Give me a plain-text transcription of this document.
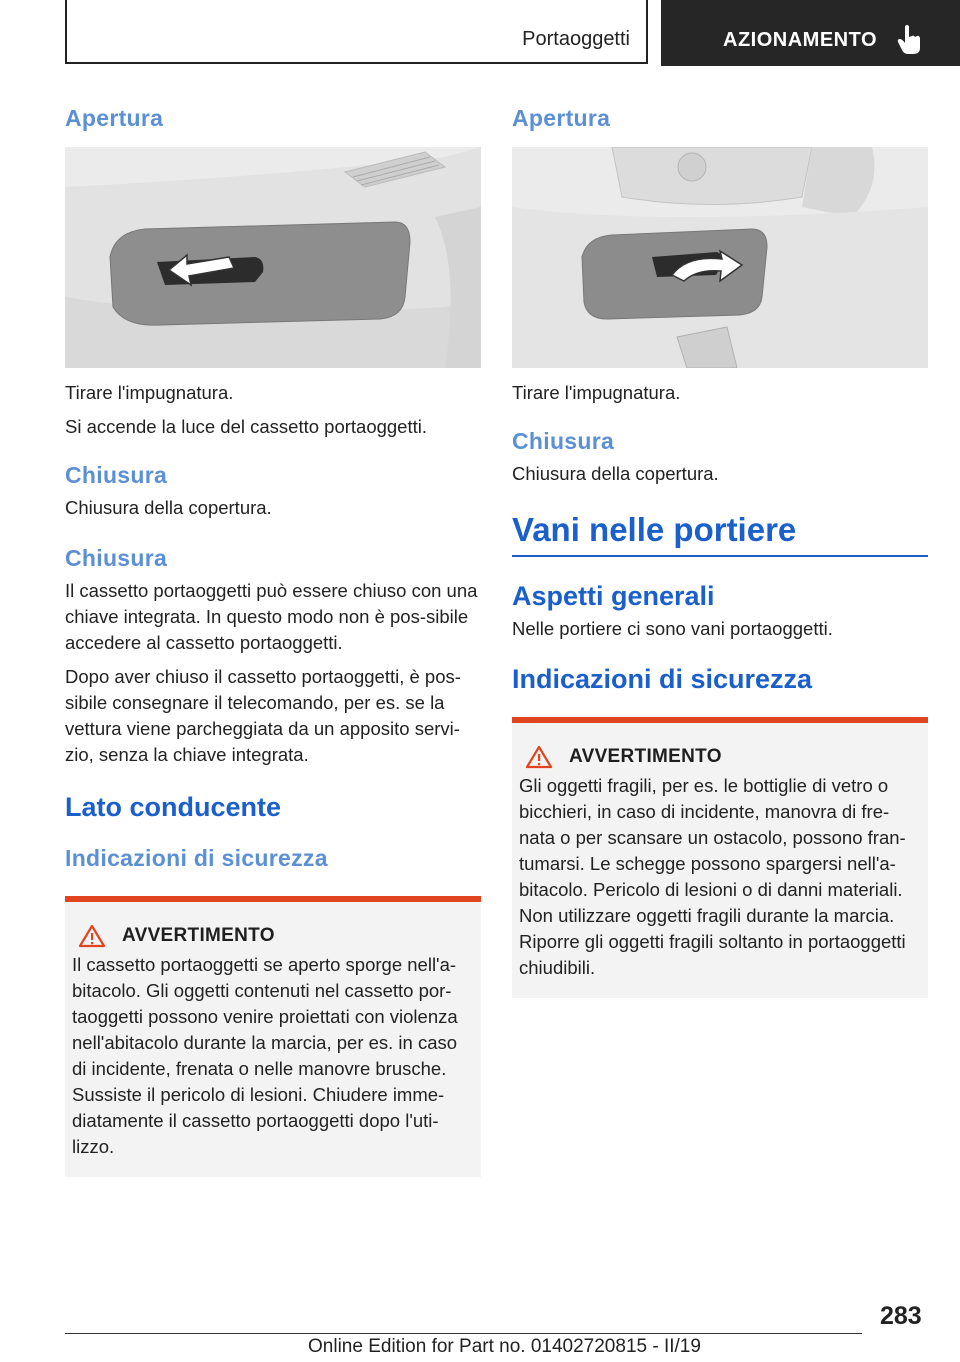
Portaoggetti	AZIONAMENTO
Apertura

Tirare l'impugnatura.

Si accende la luce del cassetto portaoggetti.

Chiusura

Chiusura della copertura.

Chiusura

Il cassetto portaoggetti può essere chiuso con una chiave integrata. In questo modo non è pos-sibile accedere al cassetto portaoggetti.

Dopo aver chiuso il cassetto portaoggetti, è pos-sibile consegnare il telecomando, per es. se la vettura viene parcheggiata da un apposito servi-zio, senza la chiave integrata.

Lato conducente
Indicazioni di sicurezza
AVVERTIMENTO

Il cassetto portaoggetti se aperto sporge nell'a-bitacolo. Gli oggetti contenuti nel cassetto por-taoggetti possono venire proiettati con violenza nell'abitacolo durante la marcia, per es. in caso di incidente, frenata o nelle manovre brusche. Sussiste il pericolo di lesioni. Chiudere imme-diatamente il cassetto portaoggetti dopo l'uti-lizzo.

Apertura

Tirare l'impugnatura.

Chiusura

Chiusura della copertura.

Vani nelle portiere
Aspetti generali

Nelle portiere ci sono vani portaoggetti.

Indicazioni di sicurezza
AVVERTIMENTO

Gli oggetti fragili, per es. le bottiglie di vetro o bicchieri, in caso di incidente, manovra di fre-nata o per scansare un ostacolo, possono fran-tumarsi. Le schegge possono spargersi nell'a-bitacolo. Pericolo di lesioni o di danni materiali. Non utilizzare oggetti fragili durante la marcia. Riporre gli oggetti fragili soltanto in portaoggetti chiudibili.

283
Online Edition for Part no. 01402720815 - II/19
